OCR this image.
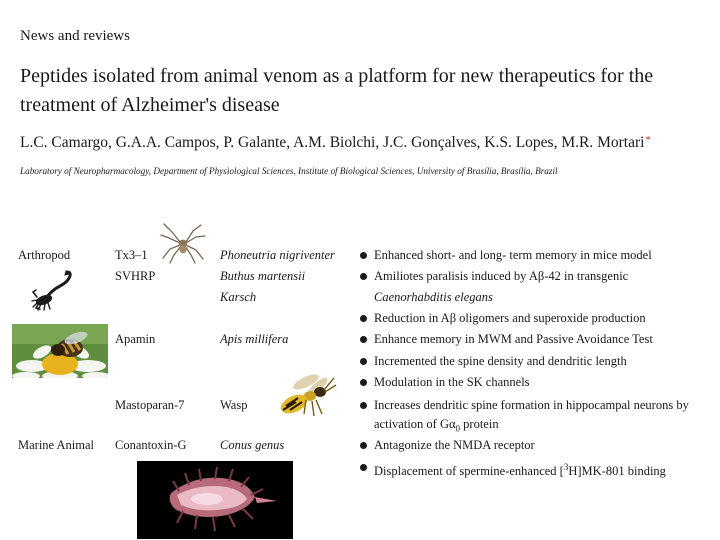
News and reviews
Peptides isolated from animal venom as a platform for new therapeutics for the treatment of Alzheimer's disease
L.C. Camargo, G.A.A. Campos, P. Galante, A.M. Biolchi, J.C. Gonçalves, K.S. Lopes, M.R. Mortari*
Laboratory of Neuropharmacology, Department of Physiological Sciences, Institute of Biological Sciences, University of Brasília, Brasília, Brazil
Arthropod
Marine Animal
Tx3–1
SVHRP
Apamin
Mastoparan-7
Conantoxin-G
Phoneutria nigriventer
Buthus martensii
Karsch
Apis millifera
Wasp
Conus genus
Enhanced short- and long- term memory in mice model
Amiliotes paralisis induced by Aβ-42 in transgenic
Caenorhabditis elegans
Reduction in Aβ oligomers and superoxide production
Enhance memory in MWM and Passive Avoidance Test
Incremented the spine density and dendritic length
Modulation in the SK channels
Increases dendritic spine formation in hippocampal neurons by
activation of $G\alpha_0$ protein
Antagonize the NMDA receptor
Displacement of spermine-enhanced [$^3$H]MK-801 binding
